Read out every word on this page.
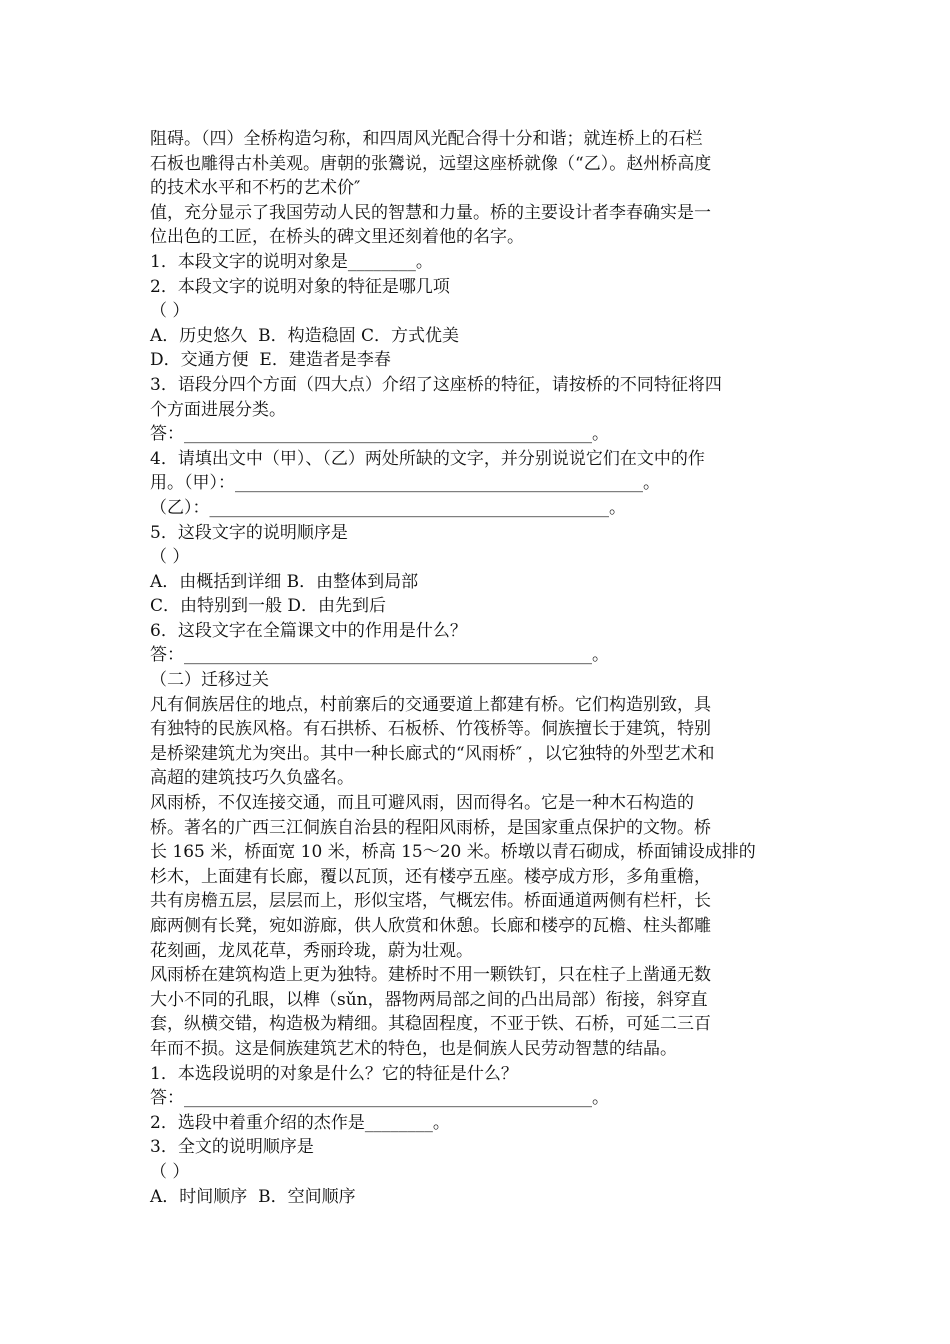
阻碍。（四）全桥构造匀称，和四周风光配合得十分和谐；就连桥上的石栏
石板也雕得古朴美观。唐朝的张鷟说，远望这座桥就像（“乙）。赵州桥高度
的技术水平和不朽的艺术价″
值，充分显示了我国劳动人民的智慧和力量。桥的主要设计者李春确实是一
位出色的工匠，在桥头的碑文里还刻着他的名字。
1．本段文字的说明对象是________。
2．本段文字的说明对象的特征是哪几项
（ ）
A．历史悠久  B．构造稳固 C．方式优美
D．交通方便  E．建造者是李春
3．语段分四个方面（四大点）介绍了这座桥的特征，请按桥的不同特征将四
个方面进展分类。
答：________________________________________________。
4．请填出文中（甲）、（乙）两处所缺的文字，并分别说说它们在文中的作
用。（甲）：________________________________________________。
（乙）：_______________________________________________。
5．这段文字的说明顺序是
（ ）
A．由概括到详细 B．由整体到局部
C．由特别到一般 D．由先到后
6．这段文字在全篇课文中的作用是什么？
答：________________________________________________。
（二）迁移过关
凡有侗族居住的地点，村前寨后的交通要道上都建有桥。它们构造别致，具
有独特的民族风格。有石拱桥、石板桥、竹筏桥等。侗族擅长于建筑，特别
是桥梁建筑尤为突出。其中一种长廊式的“风雨桥″ ，以它独特的外型艺术和
高超的建筑技巧久负盛名。
风雨桥，不仅连接交通，而且可避风雨，因而得名。它是一种木石构造的
桥。著名的广西三江侗族自治县的程阳风雨桥，是国家重点保护的文物。桥
长 165 米，桥面宽 10 米，桥高 15～20 米。桥墩以青石砌成，桥面铺设成排的
杉木，上面建有长廊，覆以瓦顶，还有楼亭五座。楼亭成方形，多角重檐，
共有房檐五层，层层而上，形似宝塔，气概宏伟。桥面通道两侧有栏杆，长
廊两侧有长凳，宛如游廊，供人欣赏和休憩。长廊和楼亭的瓦檐、柱头都雕
花刻画，龙凤花草，秀丽玲珑，蔚为壮观。
风雨桥在建筑构造上更为独特。建桥时不用一颗铁钉，只在柱子上凿通无数
大小不同的孔眼，以榫（sǔn，器物两局部之间的凸出局部）衔接，斜穿直
套，纵横交错，构造极为精细。其稳固程度，不亚于铁、石桥，可延二三百
年而不损。这是侗族建筑艺术的特色，也是侗族人民劳动智慧的结晶。
1．本选段说明的对象是什么？它的特征是什么？
答：________________________________________________。
2．选段中着重介绍的杰作是________。
3．全文的说明顺序是
（ ）
A．时间顺序  B．空间顺序
